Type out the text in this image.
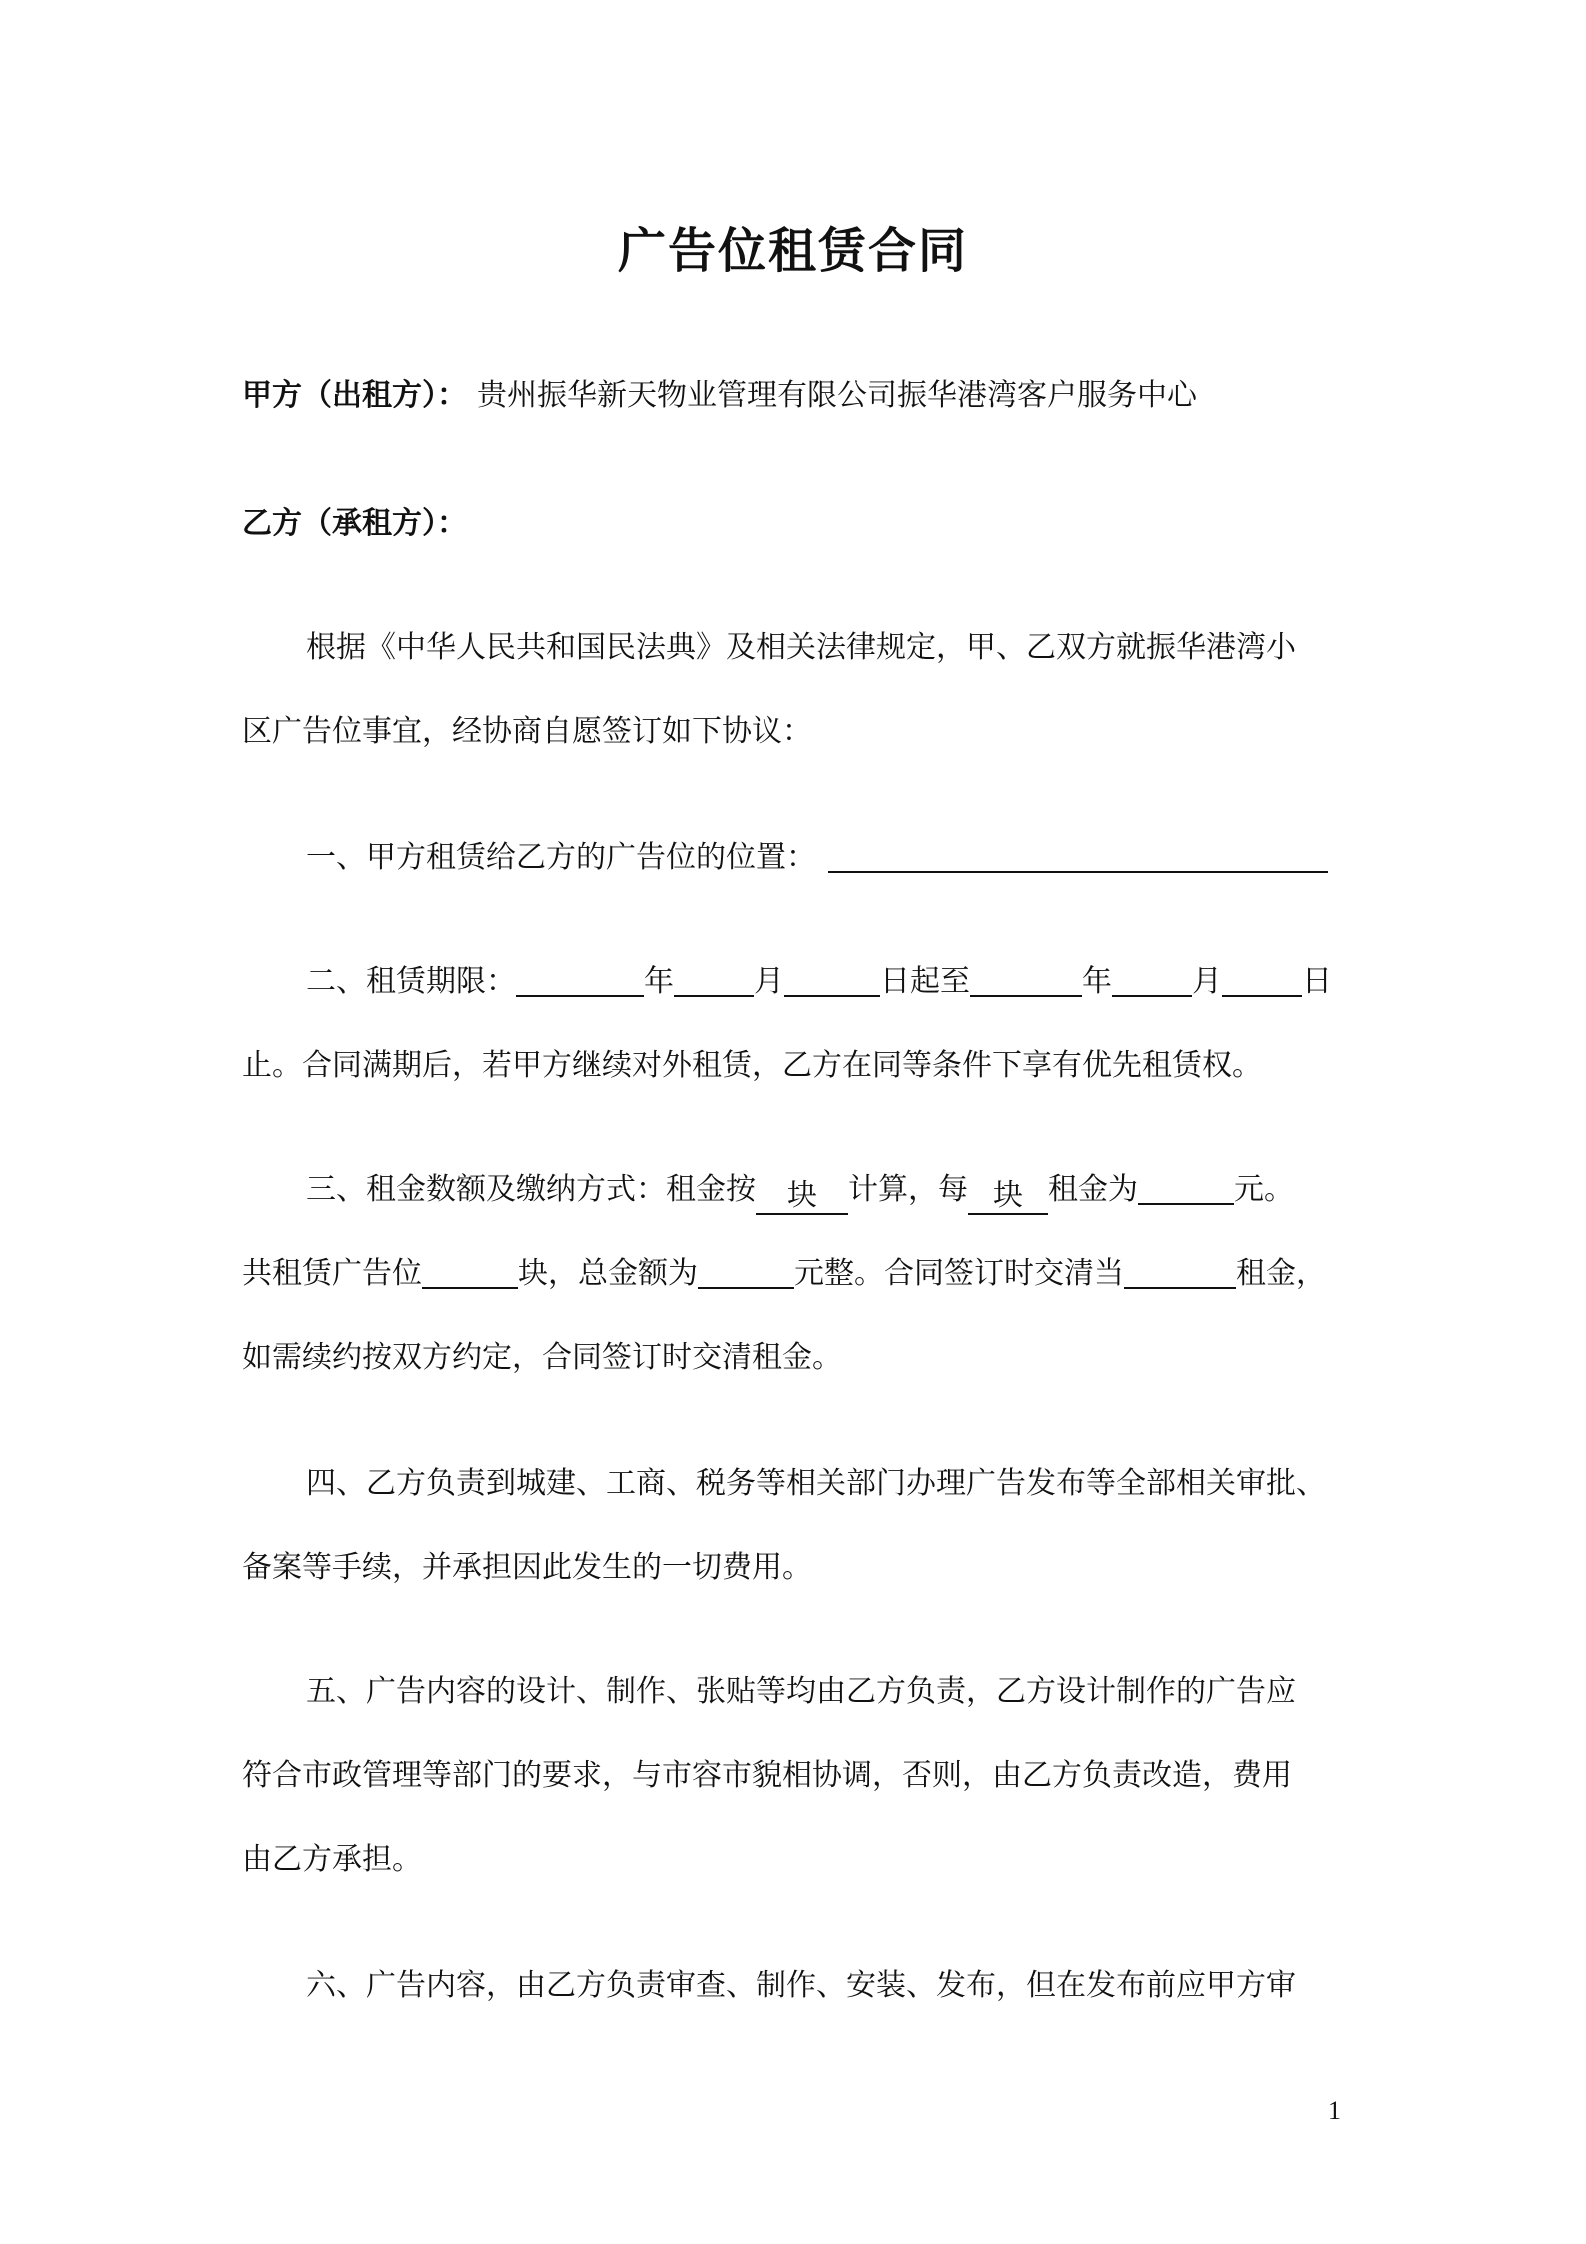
广告位租赁合同
甲方（出租方）： 贵州振华新天物业管理有限公司振华港湾客户服务中心
乙方（承租方）：
根据《中华人民共和国民法典》及相关法律规定，甲、乙双方就振华港湾小
区广告位事宜，经协商自愿签订如下协议：
一、甲方租赁给乙方的广告位的位置：
二、租赁期限：	年	月	日起至	年	月	日
止。合同满期后，若甲方继续对外租赁，乙方在同等条件下享有优先租赁权。
三、租金数额及缴纳方式：租金按 块 计算，每 块 租金为	元。
共租赁广告位	块，总金额为	元整。合同签订时交清当	租金，
如需续约按双方约定，合同签订时交清租金。
四、乙方负责到城建、工商、税务等相关部门办理广告发布等全部相关审批、
备案等手续，并承担因此发生的一切费用。
五、广告内容的设计、制作、张贴等均由乙方负责，乙方设计制作的广告应
符合市政管理等部门的要求，与市容市貌相协调，否则，由乙方负责改造，费用
由乙方承担。
六、广告内容，由乙方负责审查、制作、安装、发布，但在发布前应甲方审
1
